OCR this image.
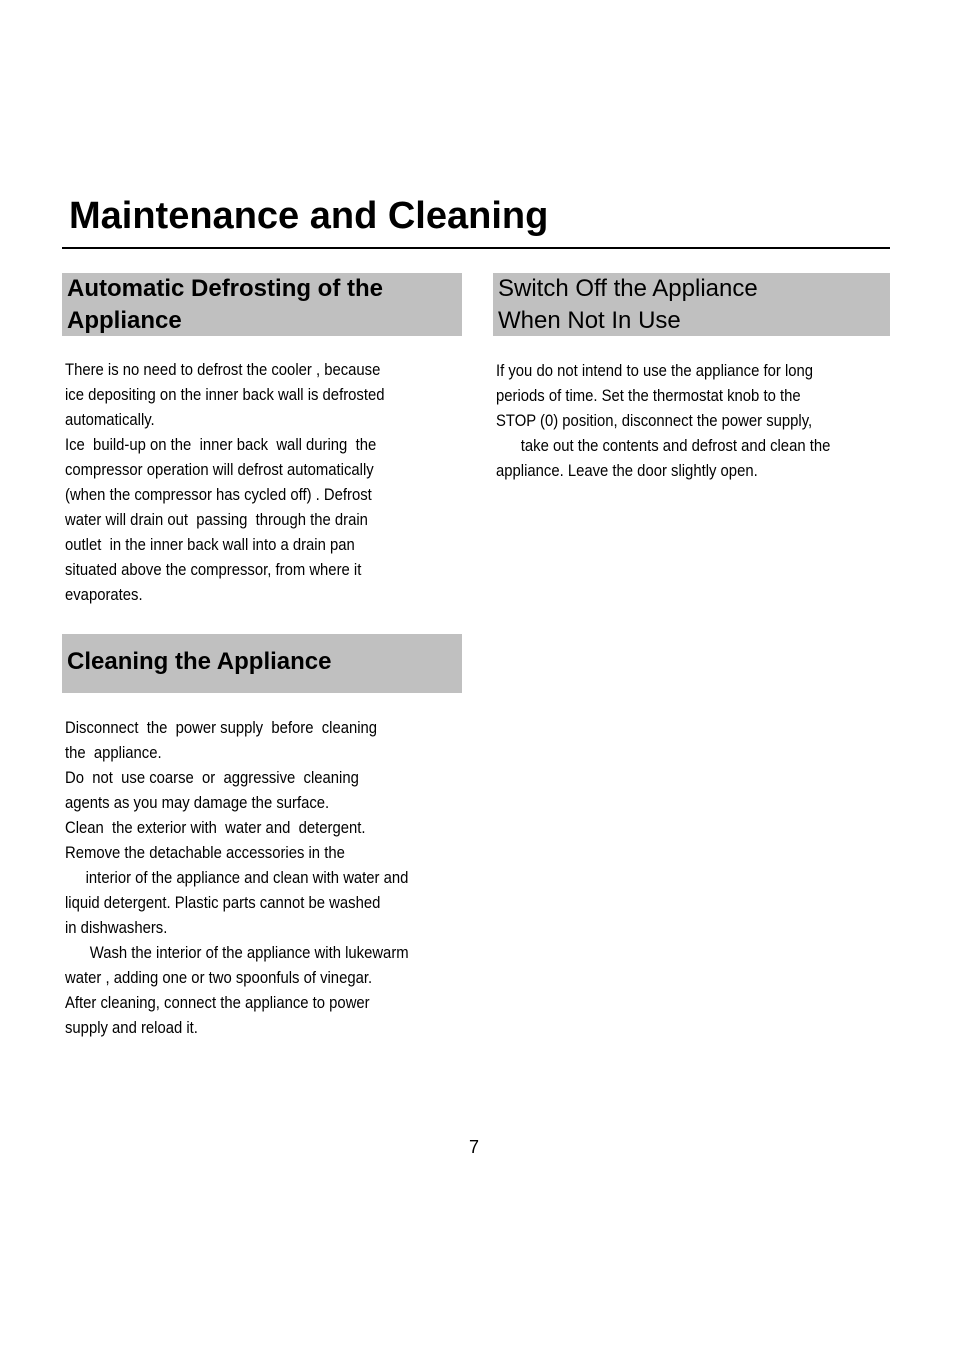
Maintenance and Cleaning
Automatic Defrosting of the
Appliance
There is no need to defrost the cooler , because
ice depositing on the inner back wall is defrosted
automatically.
Ice  build-up on the  inner back  wall during  the
compressor operation will defrost automatically
(when the compressor has cycled off) . Defrost
water will drain out  passing  through the drain
outlet  in the inner back wall into a drain pan
situated above the compressor, from where it
evaporates.
Cleaning the Appliance
Disconnect  the  power supply  before  cleaning
the  appliance.
Do  not  use coarse  or  aggressive  cleaning
agents as you may damage the surface.
Clean  the exterior with  water and  detergent.
Remove the detachable accessories in the
interior of the appliance and clean with water and
liquid detergent. Plastic parts cannot be washed
in dishwashers.
Wash the interior of the appliance with lukewarm
water , adding one or two spoonfuls of vinegar.
After cleaning, connect the appliance to power
supply and reload it.
Switch Off the Appliance
When Not In Use
If you do not intend to use the appliance for long
periods of time. Set the thermostat knob to the
STOP (0) position, disconnect the power supply,
take out the contents and defrost and clean the
appliance. Leave the door slightly open.
7
